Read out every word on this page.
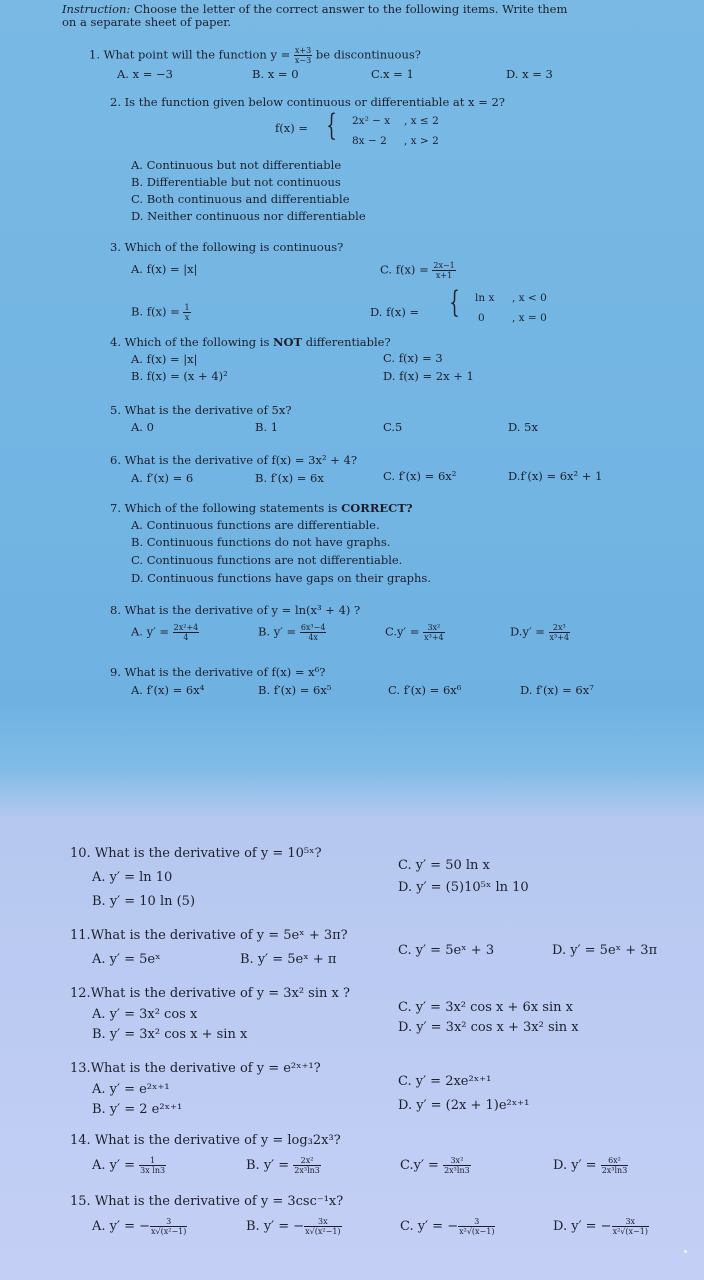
Instruction: Choose the letter of the correct answer to the following items. Write them
on a separate sheet of paper.
1. What point will the function $y = \frac{x+3}{x-3}$ be discontinuous?
A. x = −3	B. x = 0	C.x = 1	D. x = 3
2. Is the function given below continuous or differentiable at x = 2?
f(x) = { 2x² − x , x ≤ 2
8x − 2 , x > 2
A. Continuous but not differentiable
B. Differentiable but not continuous
C. Both continuous and differentiable
D. Neither continuous nor differentiable
3. Which of the following is continuous?
A. f(x) = |x|	C. $f(x) = \frac{2x-1}{x+1}$
B. $f(x) = \frac{1}{x}$	D. f(x) = { ln x , x < 0
0	, x = 0
4. Which of the following is NOT differentiable?
A. f(x) = |x|	C. f(x) = 3
B. f(x) = (x + 4)²	D. f(x) = 2x + 1
5. What is the derivative of 5x?
A. 0	B. 1	C.5	D. 5x
6. What is the derivative of f(x) = 3x² + 4?
A. f′(x) = 6	B. f′(x) = 6x	C. f′(x) = 6x²	D.f′(x) = 6x² + 1
7. Which of the following statements is CORRECT?
A. Continuous functions are differentiable.
B. Continuous functions do not have graphs.
C. Continuous functions are not differentiable.
D. Continuous functions have gaps on their graphs.
8. What is the derivative of y = ln(x³ + 4) ?
A. $y' = \frac{\text{2x²+4}}{4}$	B. $y' = \frac{\text{6x³−4}}{4x}$	$C.y' = \frac{\text{3x²}}{\text{x³+4}}$	$D.y' = \frac{\text{2x³}}{\text{x³+4}}$
9. What is the derivative of f(x) = x⁶?
A. f′(x) = 6x⁴	B. f′(x) = 6x⁵	C. f′(x) = 6x⁶	D. f′(x) = 6x⁷
10. What is the derivative of y = 10⁵ˣ?
A. y′ = ln 10
C. y′ = 50 ln x
B. y′ = 10 ln (5)
D. y′ = (5)10⁵ˣ ln 10
11.What is the derivative of y = 5eˣ + 3π?
A. y′ = 5eˣ	B. y′ = 5eˣ + π
C. y′ = 5eˣ + 3	D. y′ = 5eˣ + 3π
12.What is the derivative of y = 3x² sin x ?
A. y′ = 3x² cos x	C. y′ = 3x² cos x + 6x sin x
B. y′ = 3x² cos x + sin x	D. y′ = 3x² cos x + 3x² sin x
13.What is the derivative of y = e²ˣ⁺¹?
A. y′ = e²ˣ⁺¹
C. y′ = 2xe²ˣ⁺¹
B. y′ = 2 e²ˣ⁺¹	D. y′ = (2x + 1)e²ˣ⁺¹
14. What is the derivative of y = log₃2x³?
A. $y' = \frac{1}{\text{3x ln3}}$	B. $y' = \frac{\text{2x²}}{\text{2x³ln3}}$	$C.y' = \frac{\text{3x²}}{\text{2x³ln3}}$	D. $y' = \frac{\text{6x²}}{\text{2x³ln3}}$
15. What is the derivative of y = 3csc⁻¹x?
A. y′ = − $\frac{3}{\text{x√(x²−1)}}$	B. y′ = − $\frac{3x}{\text{x√(x²−1)}}$	C. y′ = − $\frac{3}{\text{x²√(x−1)}}$	D. y′ = − $\frac{3x}{\text{x²√(x−1)}}$
